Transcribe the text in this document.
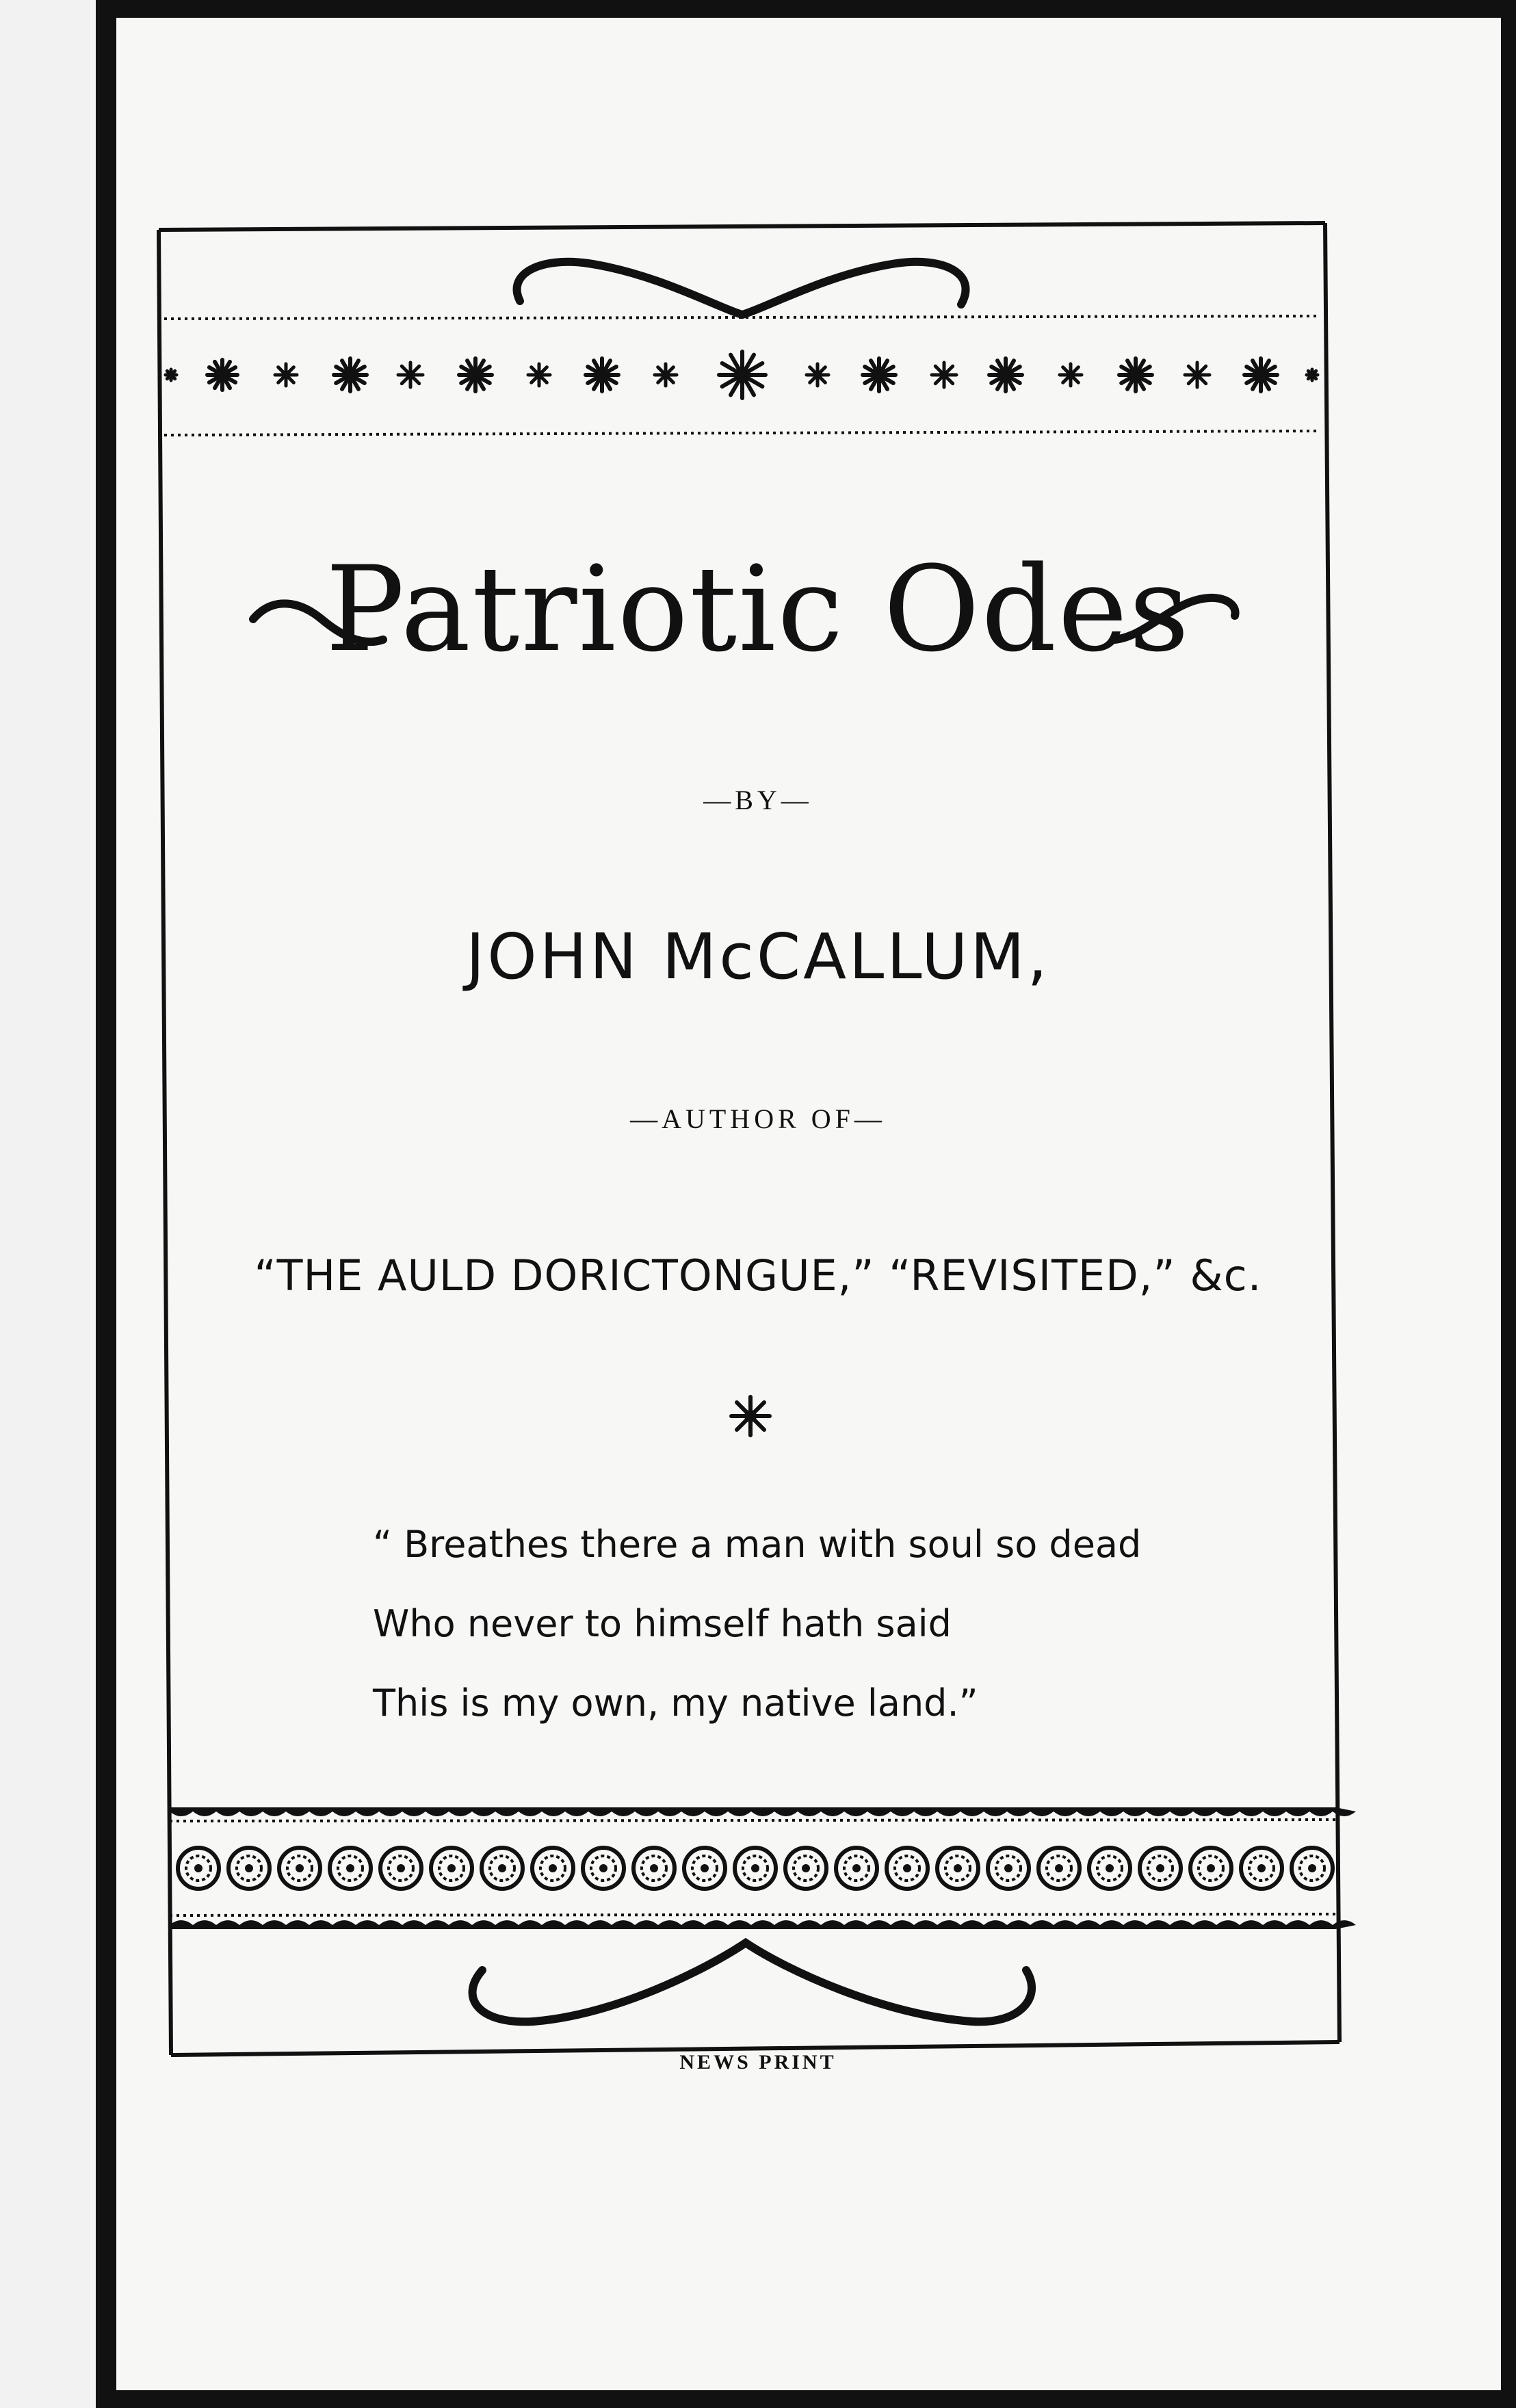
Patriotic Odes
—BY—
JOHN McCALLUM,
—AUTHOR OF—
“THE AULD DORICTONGUE,” “REVISITED,” &c.
“ Breathes there a man with soul so dead
Who never to himself hath said
This is my own, my native land.”
NEWS PRINT
